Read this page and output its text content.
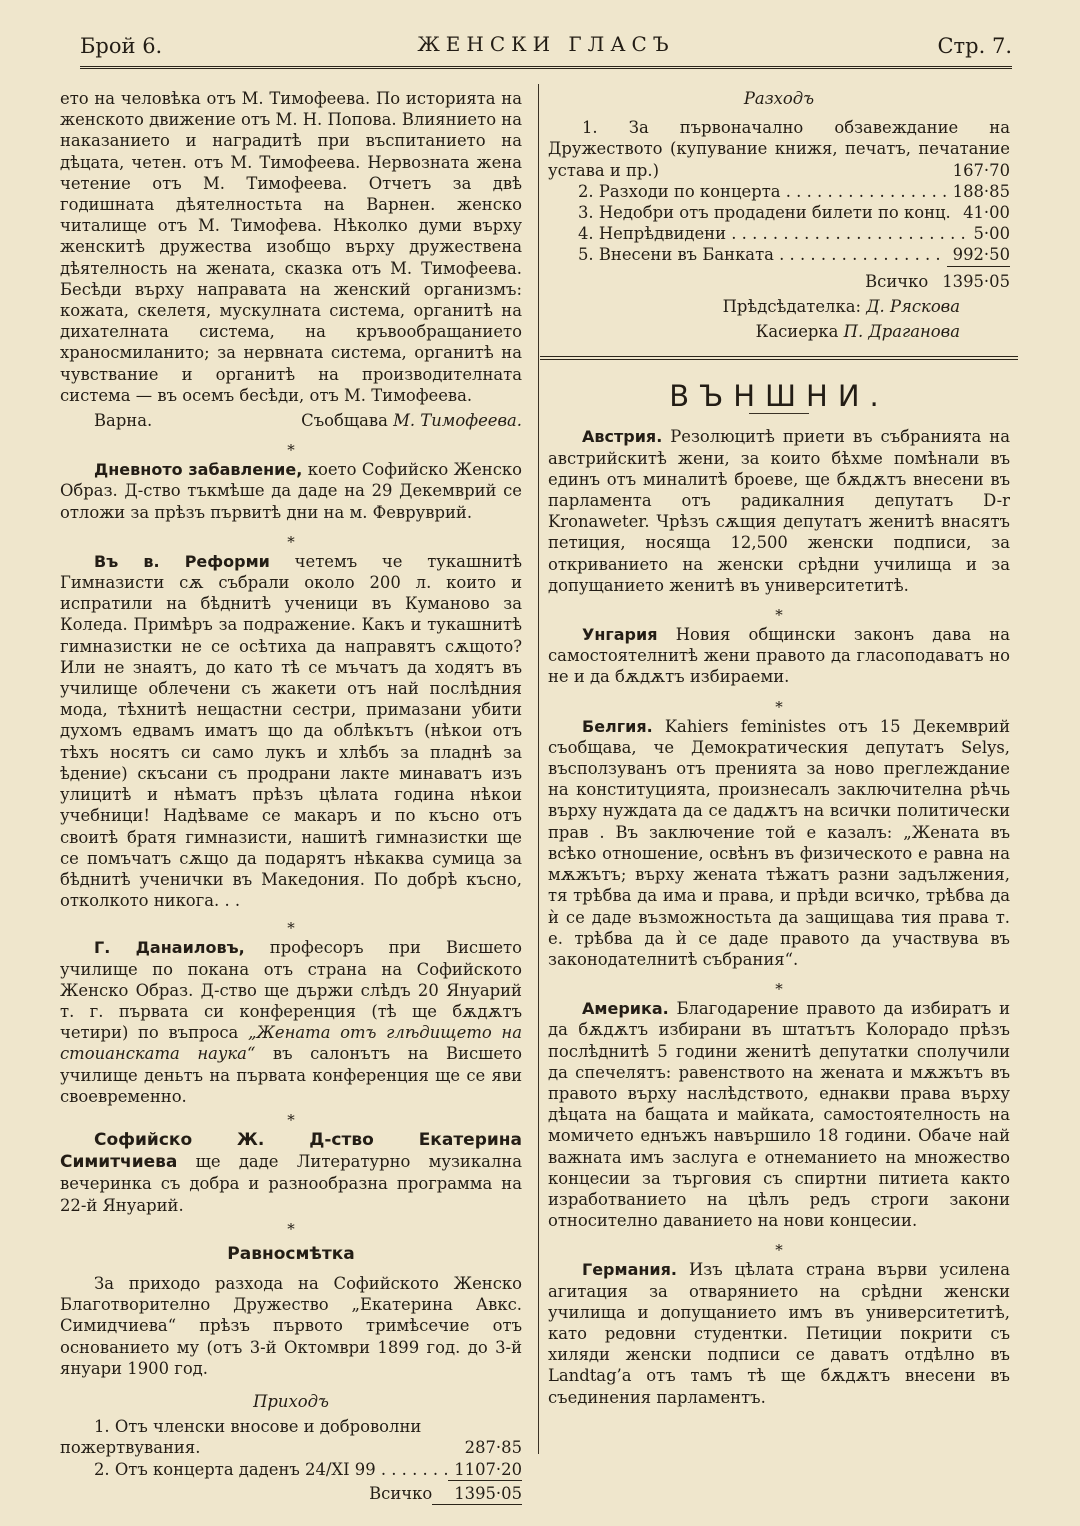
Брой 6.	ЖЕНСКИ ГЛАСЪ	Стр. 7.

ето на человѣка отъ М. Тимофеева. По историята на женското движение отъ М. Н. Попова. Влиянието на наказанието и наградитѣ при въспитанието на дѣцата, четен. отъ М. Тимофеева. Нервозната жена четение отъ М. Тимофеева. Отчетъ за двѣ годишната дѣятелностьта на Варнен. женско читалище отъ М. Тимофева. Нѣколко думи върху женскитѣ дружества изобщо върху дружествена дѣятелность на жената, сказка отъ М. Тимофеева. Бесѣди върху направата на женский организмъ: кожата, скелетя, мускулната система, органитѣ на дихателната система, на кръвообращанието храносмиланито; за нервната система, органитѣ на чувствание и органитѣ на производителната система — въ осемъ бесѣди, отъ М. Тимофеева.

Варна.	Съобщава М. Тимофеева.
*

Дневното забавление, което Софийско Женско Образ. Д-ство тъкмѣше да даде на 29 Декемврий се отложи за прѣзъ първитѣ дни на м. Февруврий.

*

Въ в. Реформи четемъ че тукашнитѣ Гимназисти сѫ събрали около 200 л. които и испратили на бѣднитѣ ученици въ Куманово за Коледа. Примѣръ за подражение. Какъ и тукашнитѣ гимназистки не се осѣтиха да направятъ сѫщото? Или не знаятъ, до като тѣ се мъчатъ да ходятъ въ училище облечени съ жакети отъ най послѣдния мода, тѣхнитѣ нещастни сестри, примазани убити духомъ едвамъ иматъ що да облѣкътъ (нѣкои отъ тѣхъ носятъ си само лукъ и хлѣбъ за пладнѣ за ѣдение) скъсани съ продрани лакте минаватъ изъ улицитѣ и нѣматъ прѣзъ цѣлата година нѣкои учебници! Надѣваме се макаръ и по късно отъ своитѣ братя гимназисти, нашитѣ гимназистки ще се помъчатъ сѫщо да подарятъ нѣкаква сумица за бѣднитѣ ученички въ Македония. По добрѣ късно, отколкото никога. . .

*

Г. Данаиловъ, професоръ при Висшето училище по покана отъ страна на Софийското Женско Образ. Д-ство ще държи слѣдъ 20 Януарий т. г. първата си конференция (тѣ ще бѫдѫтъ четири) по въпроса „Жената отъ глѣдището на стоианската наука“ въ салонътъ на Висшето училище деньтъ на първата конференция ще се яви своевременно.

*

Софийско Ж. Д-ство Екатерина Симитчиева ще даде Литературно музикална вечеринка съ добра и разнообразна программа на 22-й Януарий.

*
Равносмѣтка

За приходо разхода на Софийското Женско Благотворително Дружество „Екатерина Авкс. Симидчиева“ прѣзъ първото тримѣсечие отъ основанието му (отъ 3-й Октомври 1899 год. до 3-й януари 1900 год.

Приходъ

1. Отъ членски вносове и доброволни пожертвувания.	287·85

2. Отъ концерта даденъ 24/XI 99 . . .	1107·20
Всичко	1395·05
Разходъ

1. За първоначално обзавеждание на Дружеството (купувание книжя, печатъ, печатание устава и пр.)	167·70

2. Разходи по концерта . . .	188·85
3. Недобри отъ продадени билети по конц. . . . 41·00
4. Непрѣдвидени . . .	5·00
5. Внесени въ Банката . . .	992·50
Всичко 1395·05
Прѣдсѣдателка:
Д. Ряскова
Касиерка
П. Драганова
ВЪНШНИ.

Австрия. Резолюцитѣ приети въ събранията на австрийскитѣ жени, за които бѣхме помѣнали въ единъ отъ миналитѣ брoеве, ще бѫдѫтъ внесени въ парламента отъ радикалния депутатъ D-r Kronaweter. Чрѣзъ сѫщия депутатъ женитѣ внасятъ петиция, носяща 12,500 женски подписи, за откриванието на женски срѣдни училища и за допущанието женитѣ въ университетитѣ.

*

Унгария Новия общински законъ дава на самостоятелнитѣ жени правото да гласоподаватъ но не и да бѫдѫтъ избираеми.

*

Белгия. Kahiers feministes отъ 15 Декемврий съобщава, че Демократическия депутатъ Selys, въсползуванъ отъ пренията за ново преглеждание на конституцията, произнесалъ заключителна рѣчь върху нуждата да се дадѫтъ на всички политически прав . Въ заключение той е казалъ: „Жената въ всѣко отношение, освѣнъ въ физическото е равна на мѫжътъ; върху жената тѣжатъ разни задължения, тя трѣбва да има и права, и прѣди всичко, трѣбва да ѝ се даде възможностьта да защищава тия права т. е. трѣбва да ѝ се даде правото да участвува въ законодателнитѣ събрания“.

*

Америка. Благодарение правото да избиратъ и да бѫдѫтъ избирани въ штатътъ Колорадо прѣзъ послѣднитѣ 5 години женитѣ депутатки сполучили да спечелятъ: равенството на жената и мѫжътъ въ правото върху наслѣдството, еднакви права върху дѣцата на бащата и майката, самостоятелность на момичето еднъжъ навършило 18 години. Обаче най важната имъ заслуга е отнеманието на множество концесии за търговия съ спиртни питиета както изработванието на цѣлъ редъ строги закони относително даванието на нови концесии.

*

Германия. Изъ цѣлата страна върви усилена агитация за отварянието на срѣдни женски училища и допущанието имъ въ университетитѣ, като редовни студентки. Петиции покрити съ хиляди женски подписи се даватъ отдѣлно въ Landtag’а отъ тамъ тѣ ще бѫдѫтъ внесени въ съединения парламентъ.
